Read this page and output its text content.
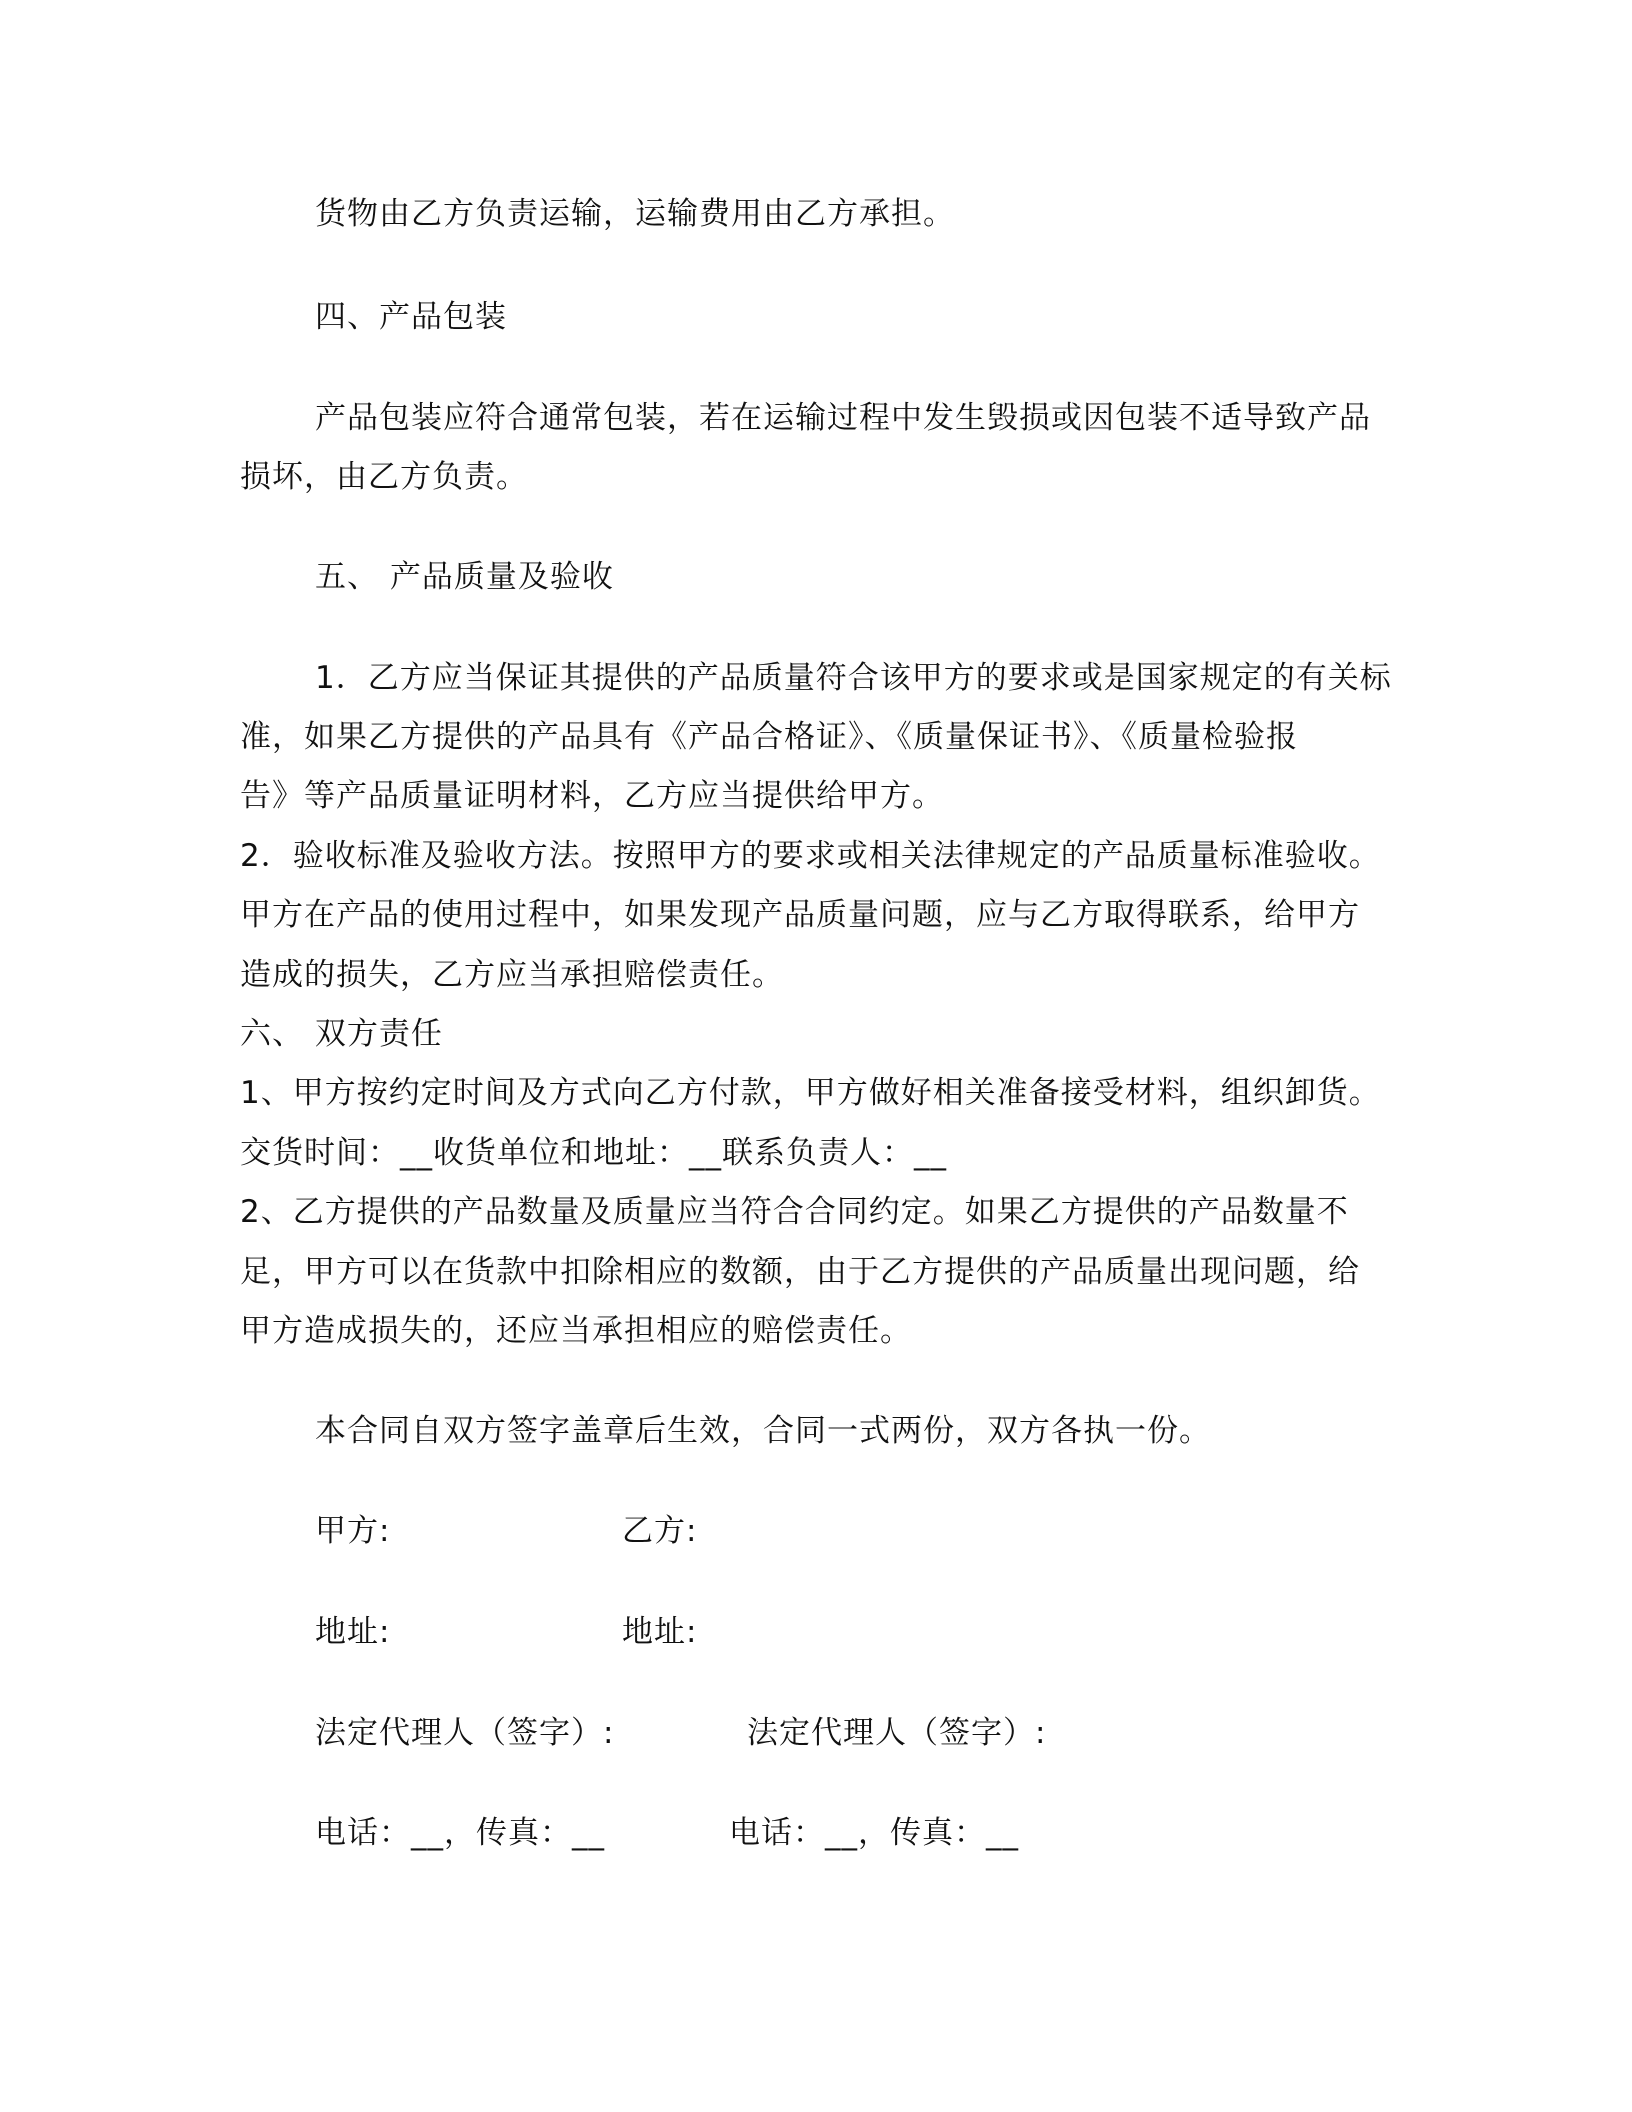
货物由乙方负责运输，运输费用由乙方承担。
四、产品包装
产品包装应符合通常包装，若在运输过程中发生毁损或因包装不适导致产品
损坏，由乙方负责。
五、 产品质量及验收
1．乙方应当保证其提供的产品质量符合该甲方的要求或是国家规定的有关标
准，如果乙方提供的产品具有《产品合格证》、《质量保证书》、《质量检验报
告》等产品质量证明材料，乙方应当提供给甲方。
2．验收标准及验收方法。按照甲方的要求或相关法律规定的产品质量标准验收。
甲方在产品的使用过程中，如果发现产品质量问题，应与乙方取得联系，给甲方
造成的损失，乙方应当承担赔偿责任。
六、 双方责任
1、甲方按约定时间及方式向乙方付款，甲方做好相关准备接受材料，组织卸货。
交货时间：__收货单位和地址：__联系负责人：__
2、乙方提供的产品数量及质量应当符合合同约定。如果乙方提供的产品数量不
足，甲方可以在货款中扣除相应的数额，由于乙方提供的产品质量出现问题，给
甲方造成损失的，还应当承担相应的赔偿责任。
本合同自双方签字盖章后生效，合同一式两份，双方各执一份。
甲方:	乙方:
地址:	地址:
法定代理人（签字）:	法定代理人（签字）:
电话：__，传真：__	电话：__，传真：__
